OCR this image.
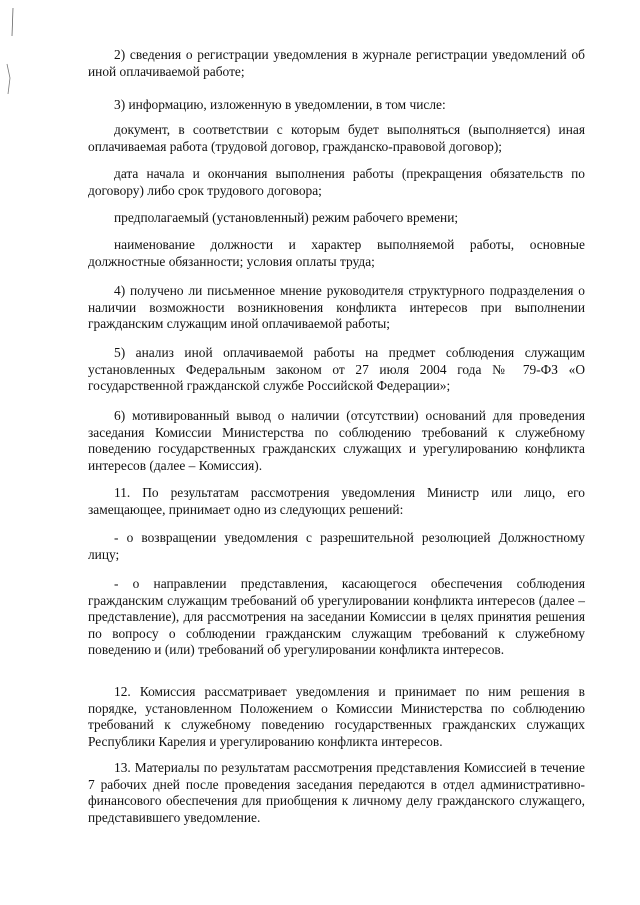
2) сведения о регистрации уведомления в журнале регистрации уведомлений об иной оплачиваемой работе;

3) информацию, изложенную в уведомлении, в том числе:

документ, в соответствии с которым будет выполняться (выполняется) иная оплачиваемая работа (трудовой договор, гражданско-правовой договор);

дата начала и окончания выполнения работы (прекращения обязательств по договору) либо срок трудового договора;

предполагаемый (установленный) режим рабочего времени;

наименование должности и характер выполняемой работы, основные должностные обязанности; условия оплаты труда;

4) получено ли письменное мнение руководителя структурного подразделения о наличии возможности возникновения конфликта интересов при выполнении гражданским служащим иной оплачиваемой работы;

5) анализ иной оплачиваемой работы на предмет соблюдения служащим установленных Федеральным законом от 27 июля 2004 года № 79-ФЗ «О государственной гражданской службе Российской Федерации»;

6) мотивированный вывод о наличии (отсутствии) оснований для проведения заседания Комиссии Министерства по соблюдению требований к служебному поведению государственных гражданских служащих и урегулированию конфликта интересов (далее – Комиссия).

11. По результатам рассмотрения уведомления Министр или лицо, его замещающее, принимает одно из следующих решений:

- о возвращении уведомления с разрешительной резолюцией Должностному лицу;

- о направлении представления, касающегося обеспечения соблюдения гражданским служащим требований об урегулировании конфликта интересов (далее – представление), для рассмотрения на заседании Комиссии в целях принятия решения по вопросу о соблюдении гражданским служащим требований к служебному поведению и (или) требований об урегулировании конфликта интересов.

12. Комиссия рассматривает уведомления и принимает по ним решения в порядке, установленном Положением о Комиссии Министерства по соблюдению требований к служебному поведению государственных гражданских служащих Республики Карелия и урегулированию конфликта интересов.

13. Материалы по результатам рассмотрения представления Комиссией в течение 7 рабочих дней после проведения заседания передаются в отдел административно-финансового обеспечения для приобщения к личному делу гражданского служащего, представившего уведомление.
